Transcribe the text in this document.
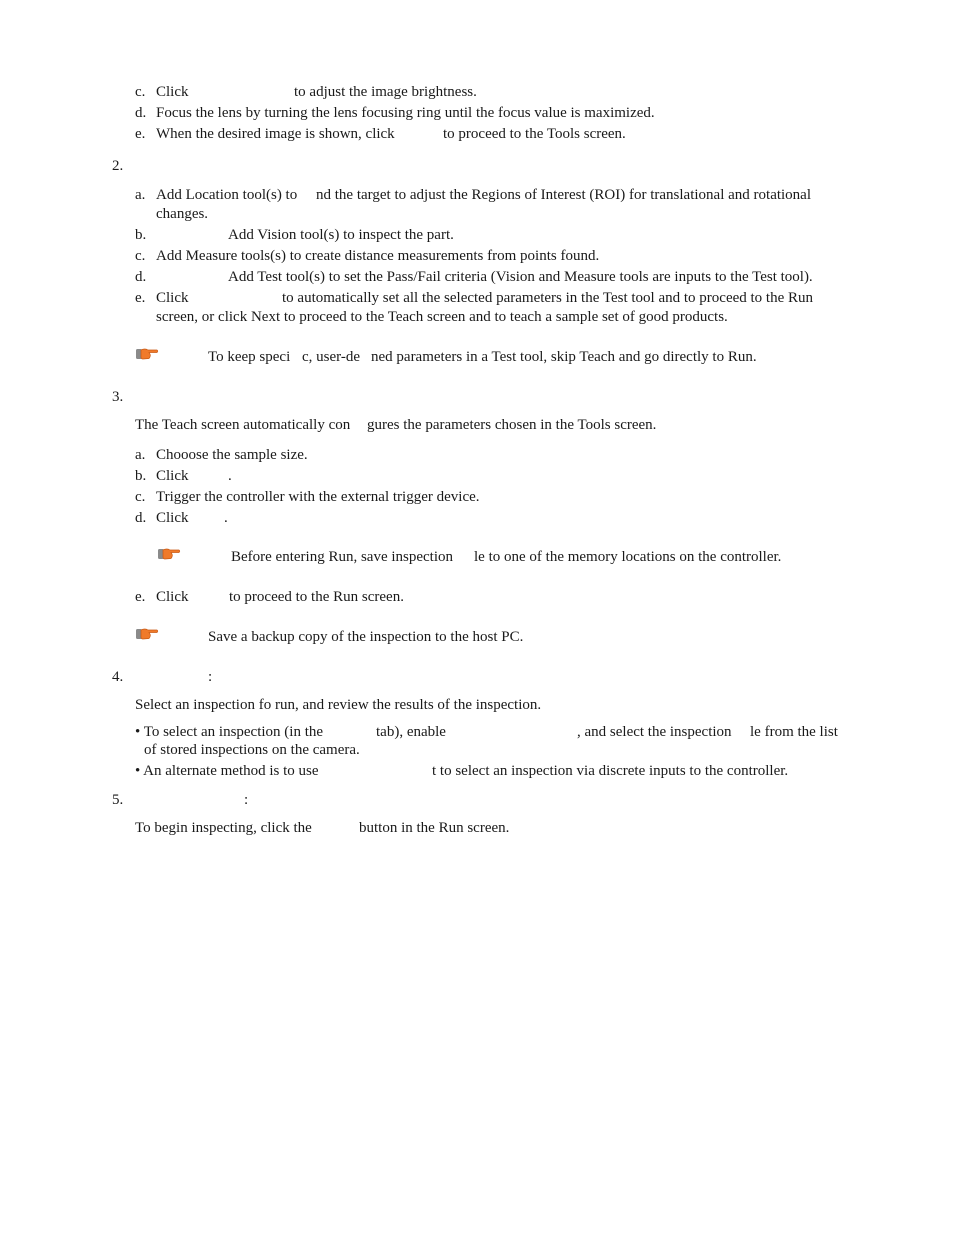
c. Click	to adjust the image brightness.
d. Focus the lens by turning the lens focusing ring until the focus value is maximized.
e. When the desired image is shown, click	to proceed to the Tools screen.
2.
a. Add Location tool(s) to nd the target to adjust the Regions of Interest (ROI) for translational and rotational
changes.
b.	Add Vision tool(s) to inspect the part.
c. Add Measure tools(s) to create distance measurements from points found.
d.	Add Test tool(s) to set the Pass/Fail criteria (Vision and Measure tools are inputs to the Test tool).
e. Click	to automatically set all the selected parameters in the Test tool and to proceed to the Run
screen, or click Next to proceed to the Teach screen and to teach a sample set of good products.
To keep speci c, user-de ned parameters in a Test tool, skip Teach and go directly to Run.
3.
The Teach screen automatically con gures the parameters chosen in the Tools screen.
a. Chooose the sample size.
b. Click	.
c. Trigger the controller with the external trigger device.
d. Click .
Before entering Run, save inspection le to one of the memory locations on the controller.
e. Click	to proceed to the Run screen.
Save a backup copy of the inspection to the host PC.
4.	:
Select an inspection fo run, and review the results of the inspection.
• To select an inspection (in the	tab), enable	, and select the inspection le from the list
of stored inspections on the camera.
• An alternate method is to use	t to select an inspection via discrete inputs to the controller.
5.	:
To begin inspecting, click the	button in the Run screen.
